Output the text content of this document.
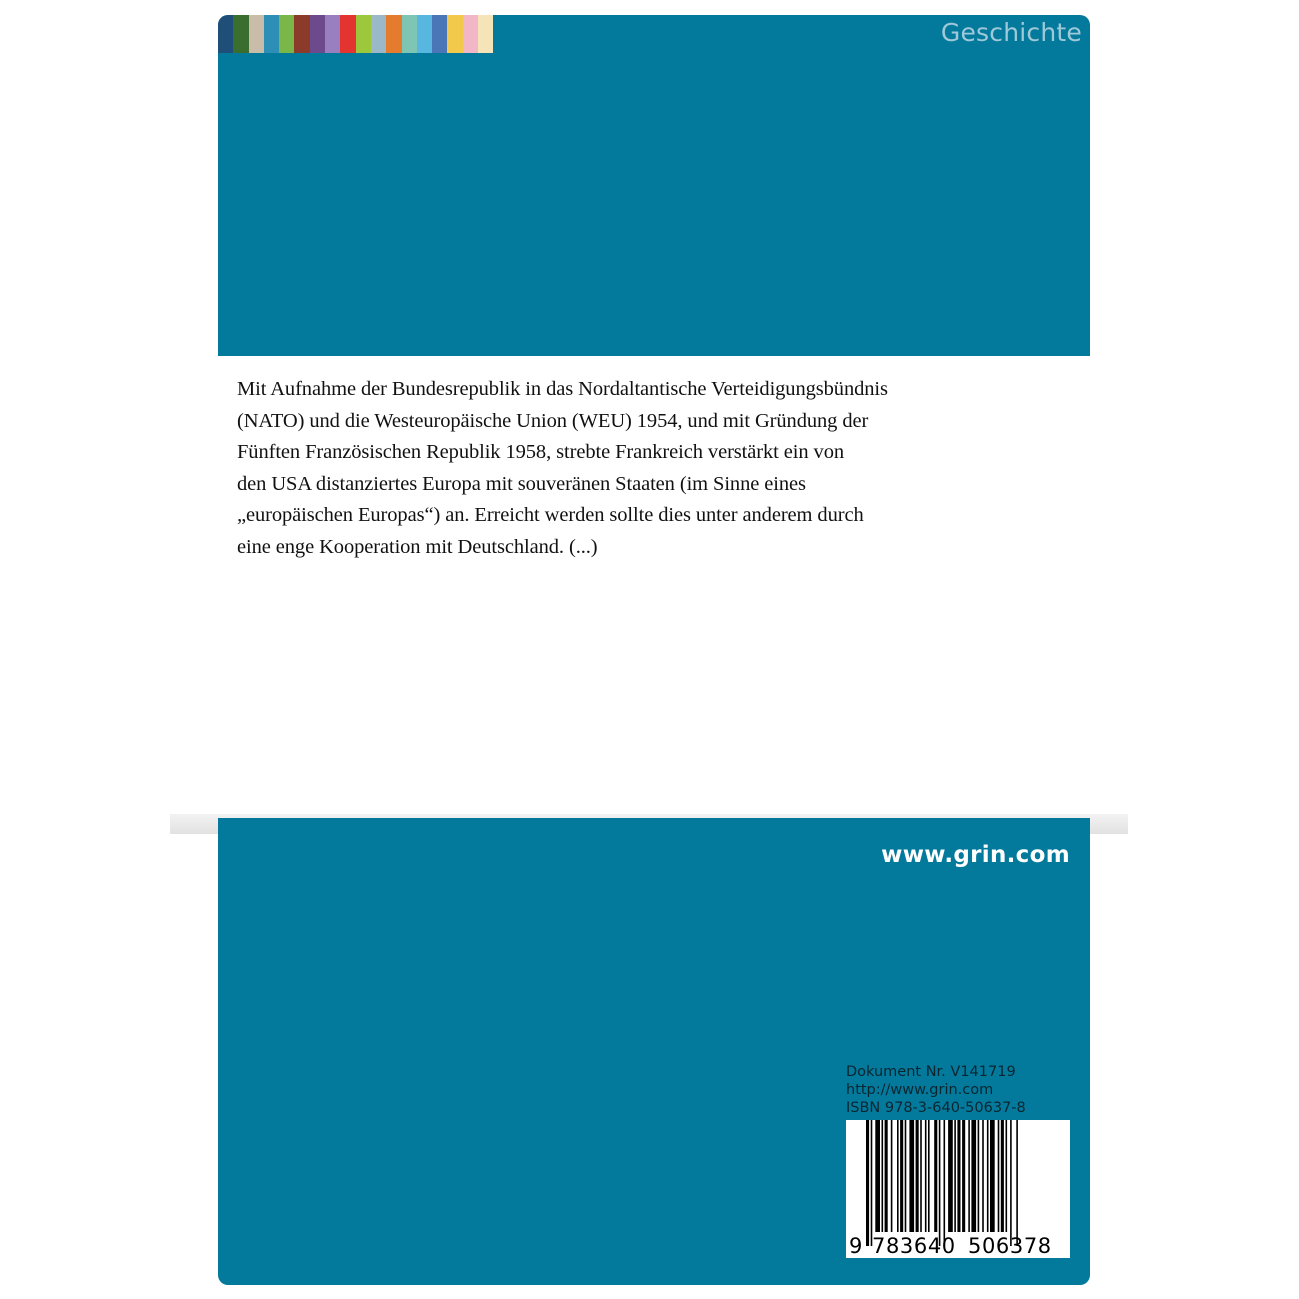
Geschichte

Mit Aufnahme der Bundesrepublik in das Nordaltantische Verteidigungsbündnis
(NATO) und die Westeuropäische Union (WEU) 1954, und mit Gründung der
Fünften Französischen Republik 1958, strebte Frankreich verstärkt ein von
den USA distanziertes Europa mit souveränen Staaten (im Sinne eines
„europäischen Europas“) an. Erreicht werden sollte dies unter anderem durch
eine enge Kooperation mit Deutschland. (...)

www.grin.com
Dokument Nr. V141719
http://www.grin.com
ISBN 978-3-640-50637-8
9 783640 506378
